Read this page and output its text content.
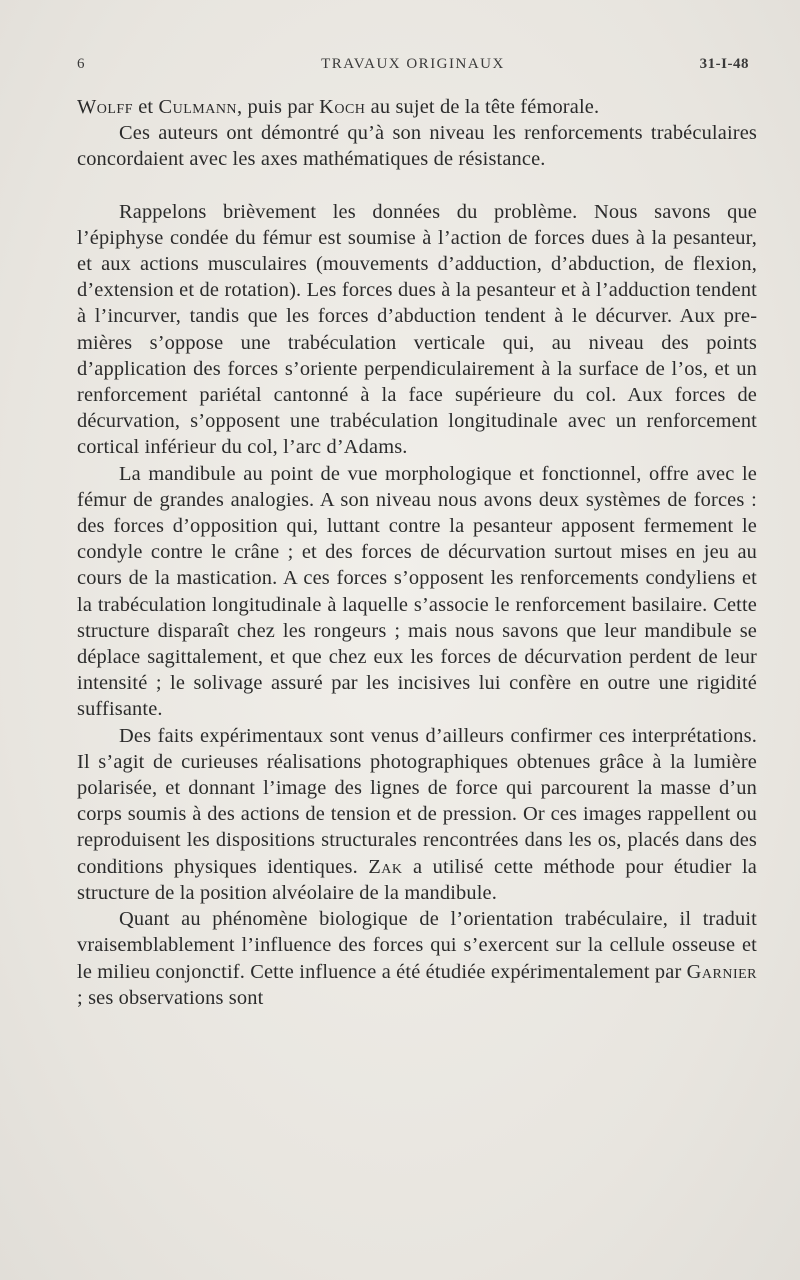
6	TRAVAUX ORIGINAUX	31-I-48

Wolff et Culmann, puis par Koch au sujet de la tête fémorale.

Ces auteurs ont démontré qu’à son niveau les renforcements trabéculaires concordaient avec les axes mathématiques de résistance.

Rappelons brièvement les données du problème. Nous savons que l’épiphyse condée du fémur est soumise à l’action de forces dues à la pesanteur, et aux actions musculaires (mouvements d’adduction, d’abduction, de flexion, d’extension et de rotation). Les forces dues à la pesanteur et à l’adduction tendent à l’incurver, tandis que les forces d’abduction tendent à le décurver. Aux premières s’oppose une trabéculation verticale qui, au niveau des points d’application des forces s’oriente perpendiculairement à la surface de l’os, et un renforcement pariétal cantonné à la face supérieure du col. Aux forces de décurvation, s’opposent une trabéculation longitudinale avec un renforcement cortical inférieur du col, l’arc d’Adams.

La mandibule au point de vue morphologique et fonctionnel, offre avec le fémur de grandes analogies. A son niveau nous avons deux systèmes de forces : des forces d’opposition qui, luttant contre la pesanteur apposent fermement le condyle contre le crâne ; et des forces de décurvation surtout mises en jeu au cours de la mastication. A ces forces s’opposent les renforcements condyliens et la trabéculation longitudinale à laquelle s’associe le renforcement basilaire. Cette structure disparaît chez les rongeurs ; mais nous savons que leur mandibule se déplace sagittalement, et que chez eux les forces de décurvation perdent de leur intensité ; le solivage assuré par les incisives lui confère en outre une rigidité suffisante.

Des faits expérimentaux sont venus d’ailleurs confirmer ces interprétations. Il s’agit de curieuses réalisations photographiques obtenues grâce à la lumière polarisée, et donnant l’image des lignes de force qui parcourent la masse d’un corps soumis à des actions de tension et de pression. Or ces images rappellent ou reproduisent les dispositions structurales rencontrées dans les os, placés dans des conditions physiques identiques. Zak a utilisé cette méthode pour étudier la structure de la position alvéolaire de la mandibule.

Quant au phénomène biologique de l’orientation trabéculaire, il traduit vraisemblablement l’influence des forces qui s’exercent sur la cellule osseuse et le milieu conjonctif. Cette influence a été étudiée expérimentalement par Garnier ; ses observations sont
